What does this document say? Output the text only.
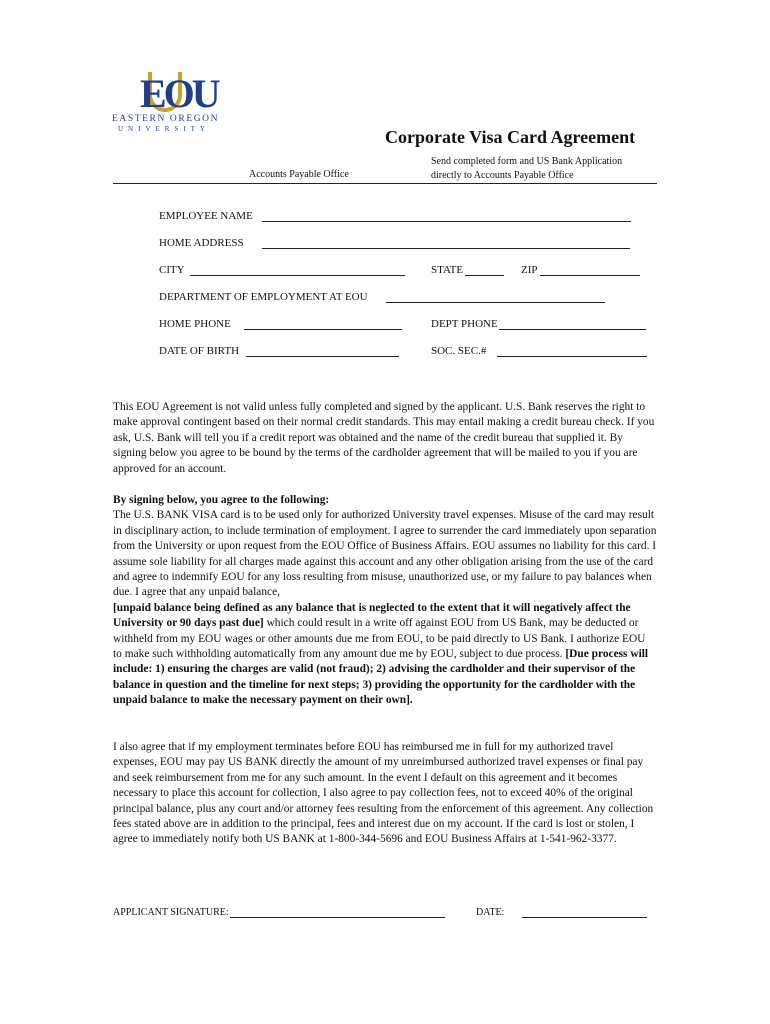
EOU
EASTERN OREGON
UNIVERSITY	Corporate Visa Card Agreement
Accounts Payable Office
Send completed form and US Bank Application
directly to Accounts Payable Office
EMPLOYEE NAME
HOME ADDRESS
CITY	STATE	ZIP
DEPARTMENT OF EMPLOYMENT AT EOU
HOME PHONE	DEPT PHONE
DATE OF BIRTH	SOC. SEC.#

This EOU Agreement is not valid unless fully completed and signed by the applicant. U.S. Bank reserves the right to make approval contingent based on their normal credit standards. This may entail making a credit bureau check. If you ask, U.S. Bank will tell you if a credit report was obtained and the name of the credit bureau that supplied it. By signing below you agree to be bound by the terms of the cardholder agreement that will be mailed to you if you are approved for an account.

By signing below, you agree to the following:
The U.S. BANK VISA card is to be used only for authorized University travel expenses. Misuse of the card may result in disciplinary action, to include termination of employment. I agree to surrender the card immediately upon separation from the University or upon request from the EOU Office of Business Affairs. EOU assumes no liability for this card. I assume sole liability for all charges made against this account and any other obligation arising from the use of the card and agree to indemnify EOU for any loss resulting from misuse, unauthorized use, or my failure to pay balances when due. I agree that any unpaid balance,
[unpaid balance being defined as any balance that is neglected to the extent that it will negatively affect the University or 90 days past due] which could result in a write off against EOU from US Bank, may be deducted or withheld from my EOU wages or other amounts due me from EOU, to be paid directly to US Bank. I authorize EOU to make such withholding automatically from any amount due me by EOU, subject to due process. [Due process will include: 1) ensuring the charges are valid (not fraud); 2) advising the cardholder and their supervisor of the balance in question and the timeline for next steps; 3) providing the opportunity for the cardholder with the unpaid balance to make the necessary payment on their own].

I also agree that if my employment terminates before EOU has reimbursed me in full for my authorized travel expenses, EOU may pay US BANK directly the amount of my unreimbursed authorized travel expenses or final pay and seek reimbursement from me for any such amount. In the event I default on this agreement and it becomes necessary to place this account for collection, I also agree to pay collection fees, not to exceed 40% of the original principal balance, plus any court and/or attorney fees resulting from the enforcement of this agreement. Any collection fees stated above are in addition to the principal, fees and interest due on my account. If the card is lost or stolen, I agree to immediately notify both US BANK at 1-800-344-5696 and EOU Business Affairs at 1-541-962-3377.

APPLICANT SIGNATURE:	DATE:
